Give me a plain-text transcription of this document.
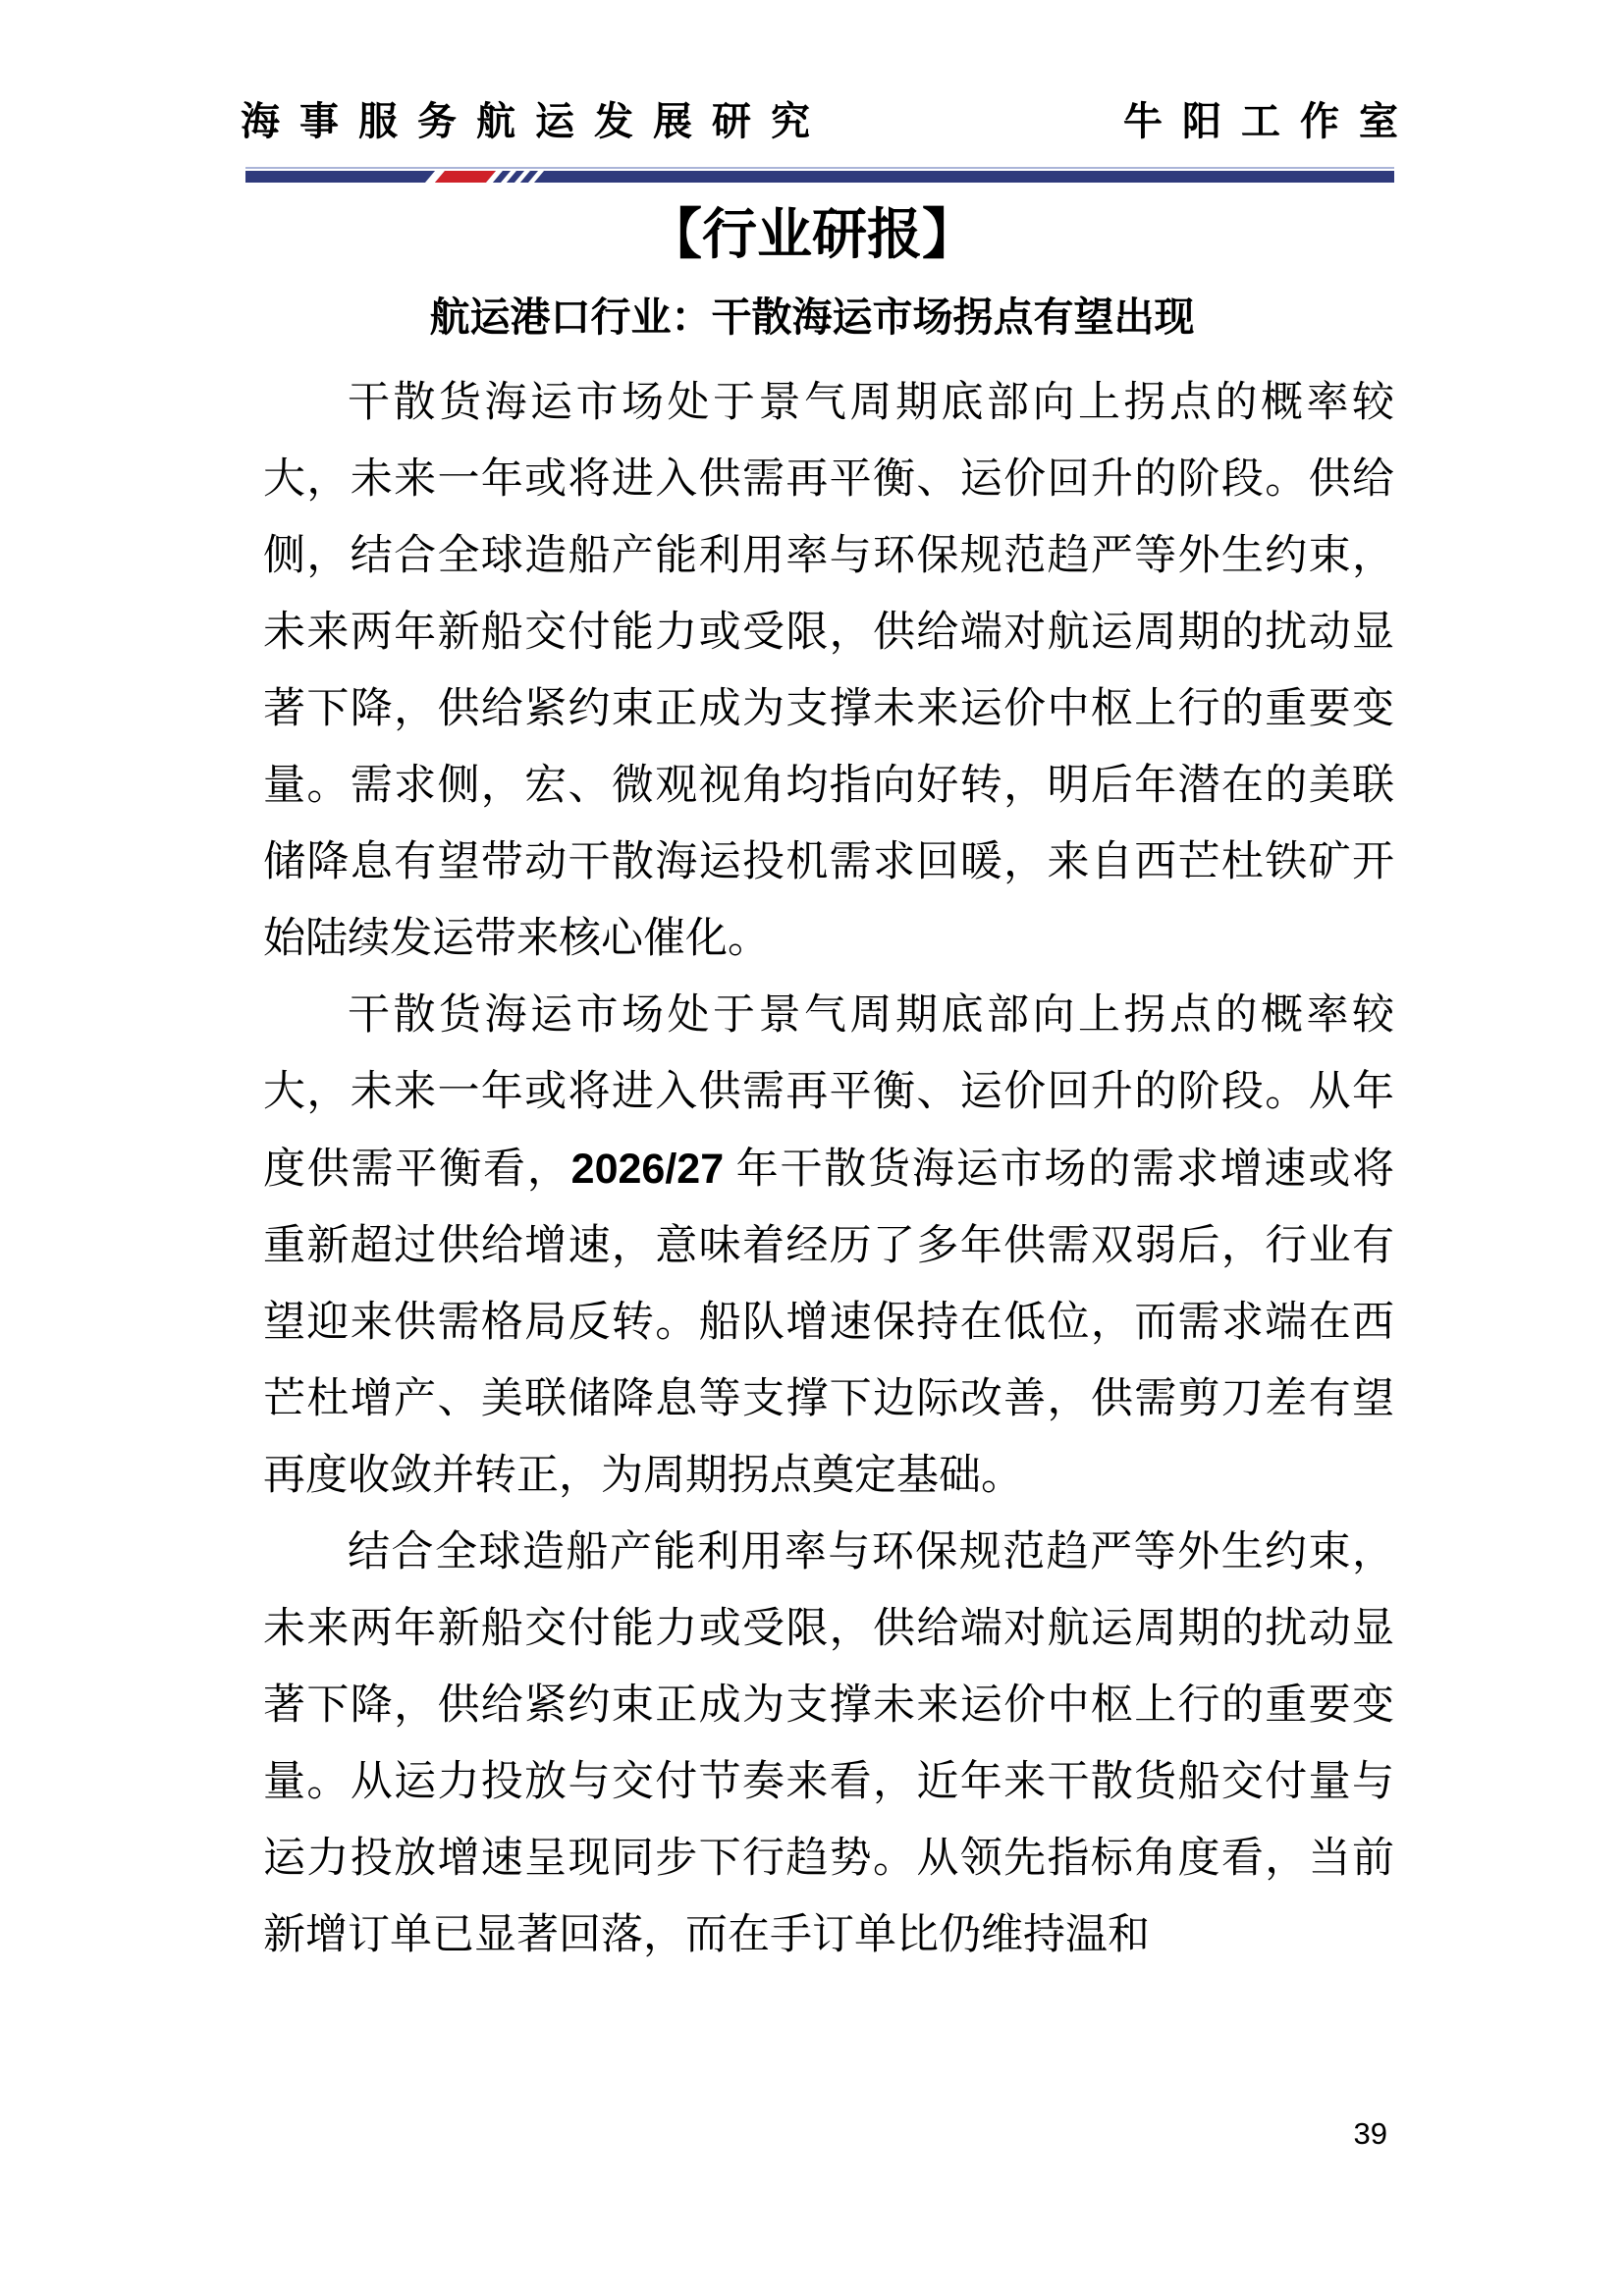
海事服务航运发展研究	牛阳工作室
【行业研报】
航运港口行业：干散海运市场拐点有望出现

干散货海运市场处于景气周期底部向上拐点的概率较大，未来一年或将进入供需再平衡、运价回升的阶段。供给侧，结合全球造船产能利用率与环保规范趋严等外生约束，未来两年新船交付能力或受限，供给端对航运周期的扰动显著下降，供给紧约束正成为支撑未来运价中枢上行的重要变量。需求侧，宏、微观视角均指向好转，明后年潜在的美联储降息有望带动干散海运投机需求回暖，来自西芒杜铁矿开始陆续发运带来核心催化。

干散货海运市场处于景气周期底部向上拐点的概率较大，未来一年或将进入供需再平衡、运价回升的阶段。从年度供需平衡看，2026/27 年干散货海运市场的需求增速或将重新超过供给增速，意味着经历了多年供需双弱后，行业有望迎来供需格局反转。船队增速保持在低位，而需求端在西芒杜增产、美联储降息等支撑下边际改善，供需剪刀差有望再度收敛并转正，为周期拐点奠定基础。

结合全球造船产能利用率与环保规范趋严等外生约束，未来两年新船交付能力或受限，供给端对航运周期的扰动显著下降，供给紧约束正成为支撑未来运价中枢上行的重要变量。从运力投放与交付节奏来看，近年来干散货船交付量与运力投放增速呈现同步下行趋势。从领先指标角度看，当前新增订单已显著回落，而在手订单比仍维持温和

39
